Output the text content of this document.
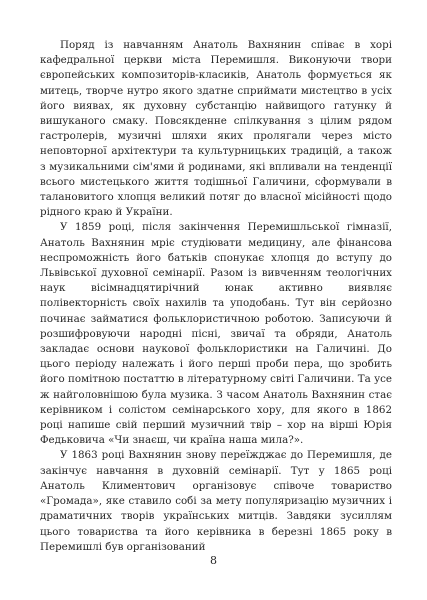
Поряд із навчанням Анатоль Вахнянин співає в хорі кафедральної церкви міста Перемишля. Виконуючи твори європейських композиторів-класиків, Анатоль формується як митець, творче нутро якого здатне сприймати мистецтво в усіх його виявах, як духовну субстанцію найвищого гатунку й вишуканого смаку. Повсякденне спілкування з цілим рядом гастролерів, музичні шляхи яких пролягали через місто неповторної архітектури та культурницьких традицій, а також з музикальними сім'ями й родинами, які впливали на тенденції всього мистецького життя тодішньої Галичини, сформували в талановитого хлопця великий потяг до власної місійності щодо рідного краю й України.

У 1859 році, після закінчення Перемишльської гімназії, Анатоль Вахнянин мріє студіювати медицину, але фінансова неспроможність його батьків спонукає хлопця до вступу до Львівської духовної семінарії. Разом із вивченням теологічних наук вісімнадцятирічний юнак активно виявляє полівекторність своїх нахилів та уподобань. Тут він серйозно починає займатися фольклористичною роботою. Записуючи й розшифровуючи народні пісні, звичаї та обряди, Анатоль закладає основи наукової фольклористики на Галичині. До цього періоду належать і його перші проби пера, що зробить його помітною постаттю в літературному світі Галичини. Та усе ж найголовнішою була музика. З часом Анатоль Вахнянин стає керівником і солістом семінарського хору, для якого в 1862 році напише свій перший музичний твір – хор на вірші Юрія Федьковича «Чи знаєш, чи країна наша мила?».

У 1863 році Вахнянин знову переїжджає до Перемишля, де закінчує навчання в духовній семінарії. Тут у 1865 році Анатоль Климентович організовує співоче товариство «Громада», яке ставило собі за мету популяризацію музичних і драматичних творів українських митців. Завдяки зусиллям цього товариства та його керівника в березні 1865 року в Перемишлі був організований

8
